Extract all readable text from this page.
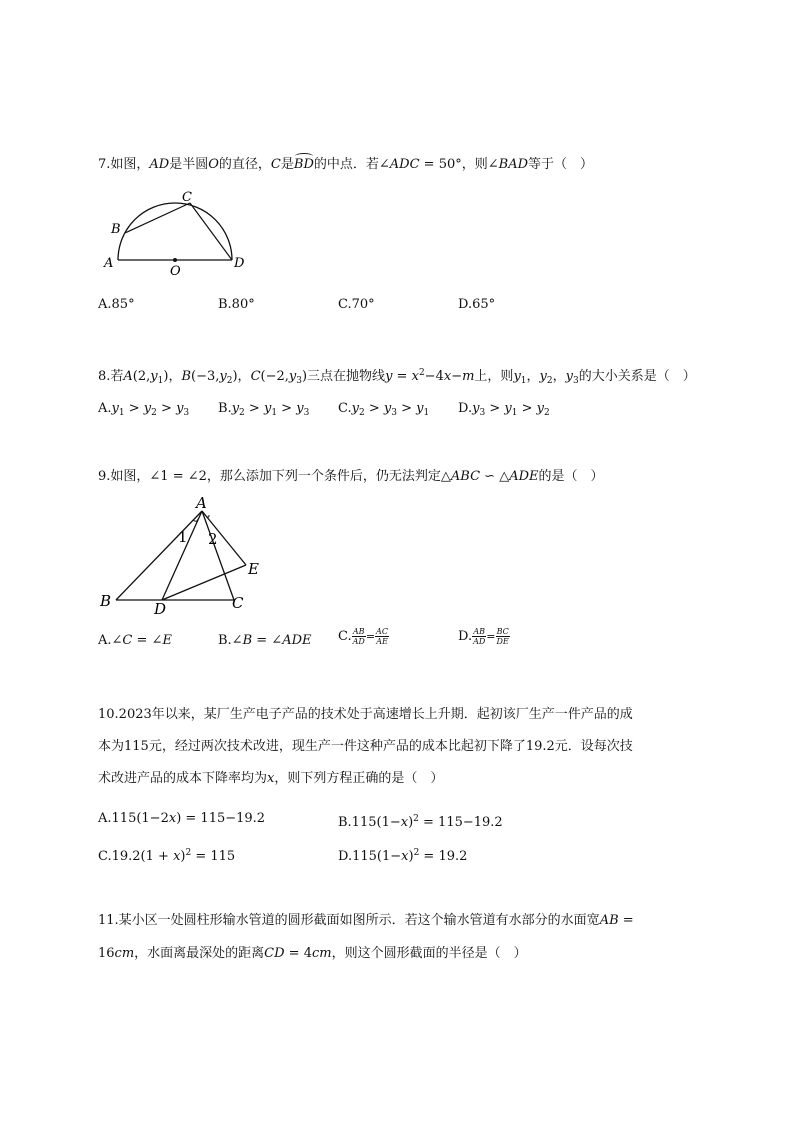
7.如图，AD是半圆O的直径，C是BD的中点．若∠ADC = 50°，则∠BAD等于（　）
A
B
C
D
O
A.85°	B.80°	C.70°	D.65°
8.若$A(2,y_1)$，$B(-3,y_2)$，$C(-2,y_3)$三点在抛物线$y = x^2-4x-m$上，则$y_1$，$y_2$，$y_3$的大小关系是（　）
$A.y_1 > y_2 > y_3$ $B.y_2 > y_1 > y_3$ $C.y_2 > y_3 > y_1$ $D.y_3 > y_1 > y_2$
9.如图，∠1 = ∠2，那么添加下列一个条件后，仍无法判定△ABC ∽ △ADE的是（　）
A
B	C
D
E
1 2
A.∠C = ∠E	B.∠B = ∠ADE C. $\frac{AB}{AD} = \frac{AC}{AE}$	D. $\frac{AB}{AD} = \frac{BC}{DE}$
10.2023年以来，某厂生产电子产品的技术处于高速增长上升期．起初该厂生产一件产品的成
本为115元，经过两次技术改进，现生产一件这种产品的成本比起初下降了19.2元．设每次技
术改进产品的成本下降率均为x，则下列方程正确的是（　）
A.115(1−2x) = 115−19.2	$B.115(1-x)^2 = 115-19.2$
$C.19.2(1 + x)^2 = 115$	$D.115(1-x)^2 = 19.2$
11.某小区一处圆柱形输水管道的圆形截面如图所示．若这个输水管道有水部分的水面宽AB =
16cm，水面离最深处的距离CD = 4cm，则这个圆形截面的半径是（　）
